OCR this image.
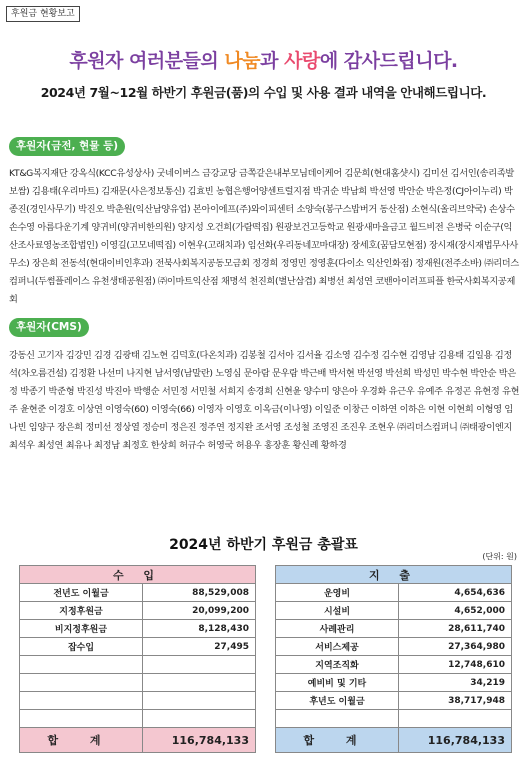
후원금 현황보고
후원자 여러분들의 나눔과 사랑에 감사드립니다.
2024년 7월~12월 하반기 후원금(품)의 수입 및 사용 결과 내역을 안내해드립니다.
후원자(금전, 현물 등)
KT&G복지재단 강옥식(KCC유성상사) 굿네이버스 금강교당 금쪽같은내부모님데이케어 김문희(현대홈샷시) 김미선 김서인(송리족발보쌈) 김용태(우리마트) 김재문(사은정보통신) 김효빈 농협은행어양센트럴지점 박귀순 박남희 박선영 박안순 박은정(CJ아이누리) 박종진(경인사무기) 박진오 박춘원(익산남양유업) 본아이에프(주)와이피센터 소양숙(봉구스밥버거 동산점) 소현식(올리브약국) 손상수 손수영 아름다운기계 양귀비(양귀비한의원) 양지성 오건희(가람떡집) 원광보건고등학교 원광새마을금고 월드비전 은병국 이순구(익산조사료영농조합법인) 이영길(고모네떡집) 이현우(고래치과) 임선화(우리동네꼬마대장) 장세호(꿈담모현점) 장시재(장시재법무사사무소) 장은희 전동석(현대이비인후과) 전북사회복지공동모금회 정경희 정영민 정영훈(다이소 익산인화점) 정재원(전주소바) ㈜리더스컴퍼니(두썸플레이스 유천생태공원점) ㈜이마트익산점 채명석 천진희(별난삼겹) 최병선 최성연 코밴아이러프피플 한국사회복지공제회
후원자(CMS)
강동신 고기자 김강민 김경 김광태 김노현 김덕호(다온치과) 김봉철 김서아 김서율 김소영 김수정 김수현 김영남 김용태 김일용 김정석(차오름건설) 김정환 나선미 나지현 남서영(남말란) 노영심 문아람 문우람 박근배 박서현 박선영 박선희 박성민 박수현 박안순 박은정 박종기 박준형 박진성 박진아 박행순 서민정 서민철 서희지 송경희 신현윤 양수미 양은아 우경화 유근우 유예주 유정곤 유현정 유현주 윤현준 이경호 이상연 이영숙(60) 이영숙(66) 이영자 이영호 이옥금(이나영) 이일준 이창근 이하연 이하은 이현 이현희 이형영 임나빈 임양구 장은희 정미선 정상열 정승미 정은진 정주연 정지완 조서영 조성철 조영진 조진우 조현우 ㈜리더스컴퍼니 ㈜태광이엔지 최석우 최성연 최유나 최정남 최정호 한상희 허규수 허영국 허용우 홍장훈 황신례 황하경
2024년 하반기 후원금 총괄표
(단위: 원)
수 입	
전년도 이월금	88,529,008
지정후원금	20,099,200
비지정후원금	8,128,430
잡수입	27,495

합 계	116,784,133
지 출	
운영비	4,654,636
시설비	4,652,000
사례관리	28,611,740
서비스제공	27,364,980
지역조직화	12,748,610
예비비 및 기타	34,219
후년도 이월금	38,717,948

합 계	116,784,133
